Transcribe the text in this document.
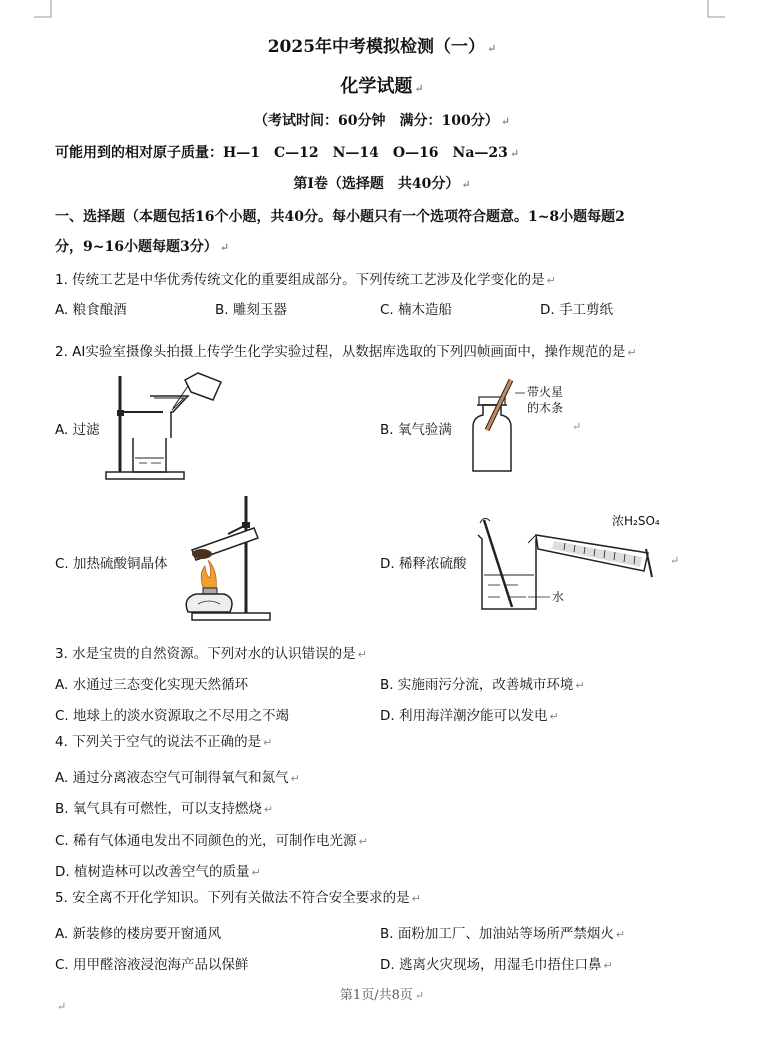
2025年中考模拟检测（一） ↵
化学试题 ↵
（考试时间：60分钟　满分：100分） ↵
可能用到的相对原子质量：H—1　C—12　N—14　O—16　Na—23 ↵
第Ⅰ卷（选择题　共40分） ↵
一、选择题（本题包括16个小题，共40分。每小题只有一个选项符合题意。1~8小题每题2
分，9~16小题每题3分） ↵
1. 传统工艺是中华优秀传统文化的重要组成部分。下列传统工艺涉及化学变化的是 ↵
A. 粮食酿酒	B. 雕刻玉器	C. 楠木造船	D. 手工剪纸
2. AI实验室摄像头拍摄上传学生化学实验过程，从数据库选取的下列四帧画面中，操作规范的是 ↵
A. 过滤	B. 氧气验满
带火星
的木条
↵
C. 加热硫酸铜晶体	D. 稀释浓硫酸
浓H₂SO₄
水
↵
3. 水是宝贵的自然资源。下列对水的认识错误的是 ↵
A. 水通过三态变化实现天然循环	B. 实施雨污分流，改善城市环境 ↵
C. 地球上的淡水资源取之不尽用之不竭	D. 利用海洋潮汐能可以发电 ↵
4. 下列关于空气的说法不正确的是 ↵
A. 通过分离液态空气可制得氧气和氮气 ↵
B. 氧气具有可燃性，可以支持燃烧 ↵
C. 稀有气体通电发出不同颜色的光，可制作电光源 ↵
D. 植树造林可以改善空气的质量 ↵
5. 安全离不开化学知识。下列有关做法不符合安全要求的是 ↵
A. 新装修的楼房要开窗通风	B. 面粉加工厂、加油站等场所严禁烟火 ↵
C. 用甲醛溶液浸泡海产品以保鲜	D. 逃离火灾现场，用湿毛巾捂住口鼻 ↵
第1页/共8页 ↵
↵
